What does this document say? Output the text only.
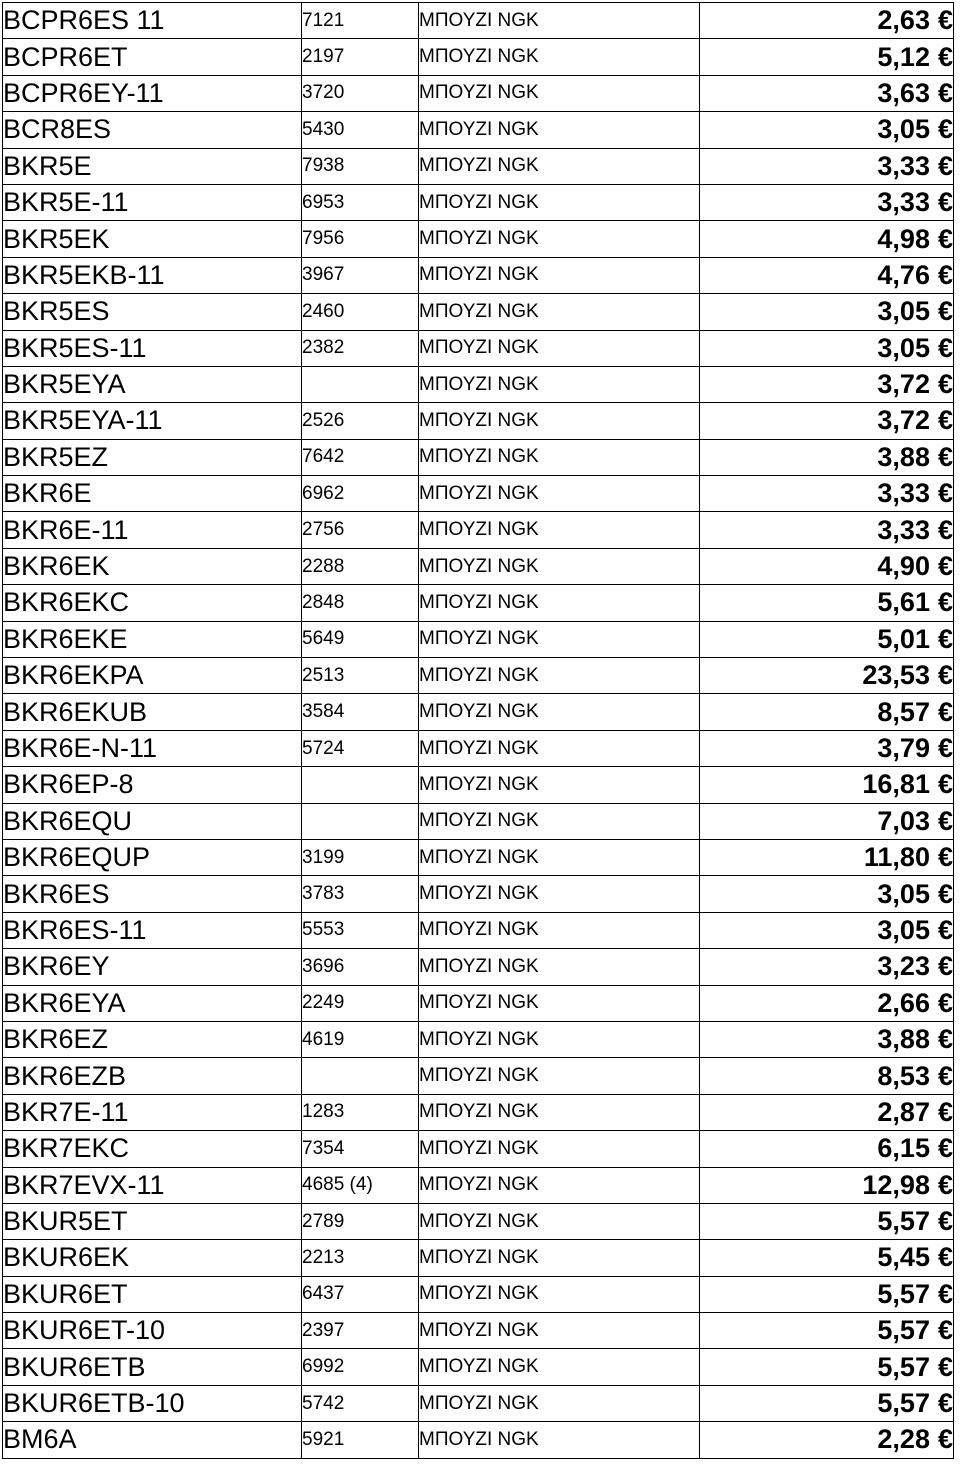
BCPR6ES 11	7121	ΜΠΟΥΖΙ NGK	2,63 €
BCPR6ET	2197	ΜΠΟΥΖΙ NGK	5,12 €
BCPR6EY-11	3720	ΜΠΟΥΖΙ NGK	3,63 €
BCR8ES	5430	ΜΠΟΥΖΙ NGK	3,05 €
BKR5E	7938	ΜΠΟΥΖΙ NGK	3,33 €
BKR5E-11	6953	ΜΠΟΥΖΙ NGK	3,33 €
BKR5EK	7956	ΜΠΟΥΖΙ NGK	4,98 €
BKR5EKB-11	3967	ΜΠΟΥΖΙ NGK	4,76 €
BKR5ES	2460	ΜΠΟΥΖΙ NGK	3,05 €
BKR5ES-11	2382	ΜΠΟΥΖΙ NGK	3,05 €
BKR5EYA		ΜΠΟΥΖΙ NGK	3,72 €
BKR5EYA-11	2526	ΜΠΟΥΖΙ NGK	3,72 €
BKR5EZ	7642	ΜΠΟΥΖΙ NGK	3,88 €
BKR6E	6962	ΜΠΟΥΖΙ NGK	3,33 €
BKR6E-11	2756	ΜΠΟΥΖΙ NGK	3,33 €
BKR6EK	2288	ΜΠΟΥΖΙ NGK	4,90 €
BKR6EKC	2848	ΜΠΟΥΖΙ NGK	5,61 €
BKR6EKE	5649	ΜΠΟΥΖΙ NGK	5,01 €
BKR6EKPA	2513	ΜΠΟΥΖΙ NGK	23,53 €
BKR6EKUB	3584	ΜΠΟΥΖΙ NGK	8,57 €
BKR6E-N-11	5724	ΜΠΟΥΖΙ NGK	3,79 €
BKR6EP-8		ΜΠΟΥΖΙ NGK	16,81 €
BKR6EQU		ΜΠΟΥΖΙ NGK	7,03 €
BKR6EQUP	3199	ΜΠΟΥΖΙ NGK	11,80 €
BKR6ES	3783	ΜΠΟΥΖΙ NGK	3,05 €
BKR6ES-11	5553	ΜΠΟΥΖΙ NGK	3,05 €
BKR6EY	3696	ΜΠΟΥΖΙ NGK	3,23 €
BKR6EYA	2249	ΜΠΟΥΖΙ NGK	2,66 €
BKR6EZ	4619	ΜΠΟΥΖΙ NGK	3,88 €
BKR6EZB		ΜΠΟΥΖΙ NGK	8,53 €
BKR7E-11	1283	ΜΠΟΥΖΙ NGK	2,87 €
BKR7EKC	7354	ΜΠΟΥΖΙ NGK	6,15 €
BKR7EVX-11	4685 (4)	ΜΠΟΥΖΙ NGK	12,98 €
BKUR5ET	2789	ΜΠΟΥΖΙ NGK	5,57 €
BKUR6EK	2213	ΜΠΟΥΖΙ NGK	5,45 €
BKUR6ET	6437	ΜΠΟΥΖΙ NGK	5,57 €
BKUR6ET-10	2397	ΜΠΟΥΖΙ NGK	5,57 €
BKUR6ETB	6992	ΜΠΟΥΖΙ NGK	5,57 €
BKUR6ETB-10	5742	ΜΠΟΥΖΙ NGK	5,57 €
BM6A	5921	ΜΠΟΥΖΙ NGK	2,28 €
